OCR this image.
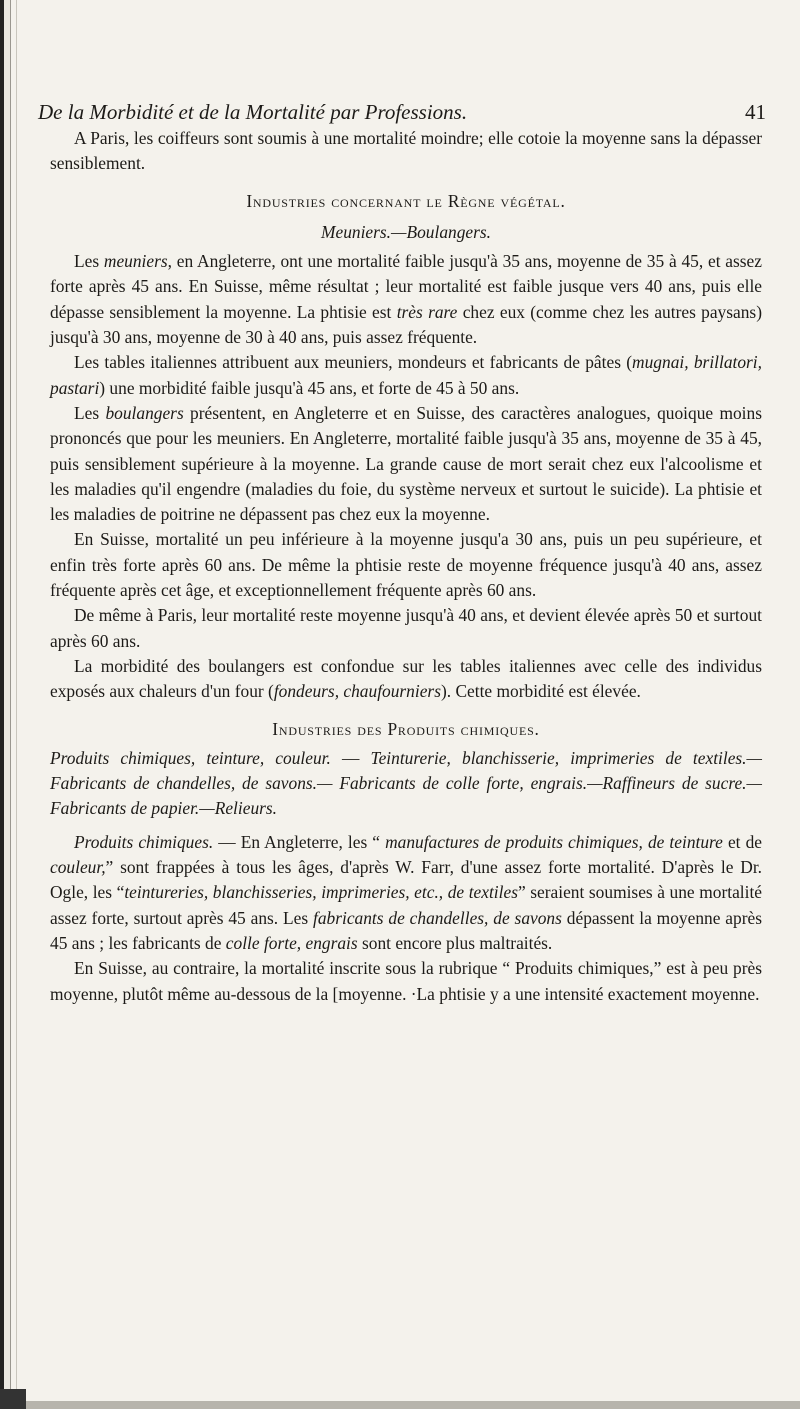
De la Morbidité et de la Mortalité par Professions.	41

A Paris, les coiffeurs sont soumis à une mortalité moindre; elle cotoie la moyenne sans la dépasser sensiblement.

Industries concernant le Règne végétal.
Meuniers.—Boulangers.

Les meuniers, en Angleterre, ont une mortalité faible jusqu'à 35 ans, moyenne de 35 à 45, et assez forte après 45 ans. En Suisse, même résultat ; leur mortalité est faible jusque vers 40 ans, puis elle dépasse sensiblement la moyenne. La phtisie est très rare chez eux (comme chez les autres paysans) jusqu'à 30 ans, moyenne de 30 à 40 ans, puis assez fréquente.

Les tables italiennes attribuent aux meuniers, mondeurs et fabricants de pâtes (mugnai, brillatori, pastari) une morbidité faible jusqu'à 45 ans, et forte de 45 à 50 ans.

Les boulangers présentent, en Angleterre et en Suisse, des caractères analogues, quoique moins prononcés que pour les meuniers. En Angleterre, mortalité faible jusqu'à 35 ans, moyenne de 35 à 45, puis sensiblement supérieure à la moyenne. La grande cause de mort serait chez eux l'alcoolisme et les maladies qu'il engendre (maladies du foie, du système nerveux et surtout le suicide). La phtisie et les maladies de poitrine ne dépassent pas chez eux la moyenne.

En Suisse, mortalité un peu inférieure à la moyenne jusqu'a 30 ans, puis un peu supérieure, et enfin très forte après 60 ans. De même la phtisie reste de moyenne fréquence jusqu'à 40 ans, assez fréquente après cet âge, et exceptionnellement fréquente après 60 ans.

De même à Paris, leur mortalité reste moyenne jusqu'à 40 ans, et devient élevée après 50 et surtout après 60 ans.

La morbidité des boulangers est confondue sur les tables italiennes avec celle des individus exposés aux chaleurs d'un four (fondeurs, chaufourniers). Cette morbidité est élevée.

Industries des Produits chimiques.

Produits chimiques, teinture, couleur. — Teinturerie, blanchisserie, imprimeries de textiles.—Fabricants de chandelles, de savons.— Fabricants de colle forte, engrais.—Raffineurs de sucre.—Fabricants de papier.—Relieurs.

Produits chimiques. — En Angleterre, les “ manufactures de produits chimiques, de teinture et de couleur,” sont frappées à tous les âges, d'après W. Farr, d'une assez forte mortalité. D'après le Dr. Ogle, les “teintureries, blanchisseries, imprimeries, etc., de textiles” seraient soumises à une mortalité assez forte, surtout après 45 ans. Les fabricants de chandelles, de savons dépassent la moyenne après 45 ans ; les fabricants de colle forte, engrais sont encore plus maltraités.

En Suisse, au contraire, la mortalité inscrite sous la rubrique “ Produits chimiques,” est à peu près moyenne, plutôt même au-dessous de la [moyenne. ·La phtisie y a une intensité exactement moyenne.
